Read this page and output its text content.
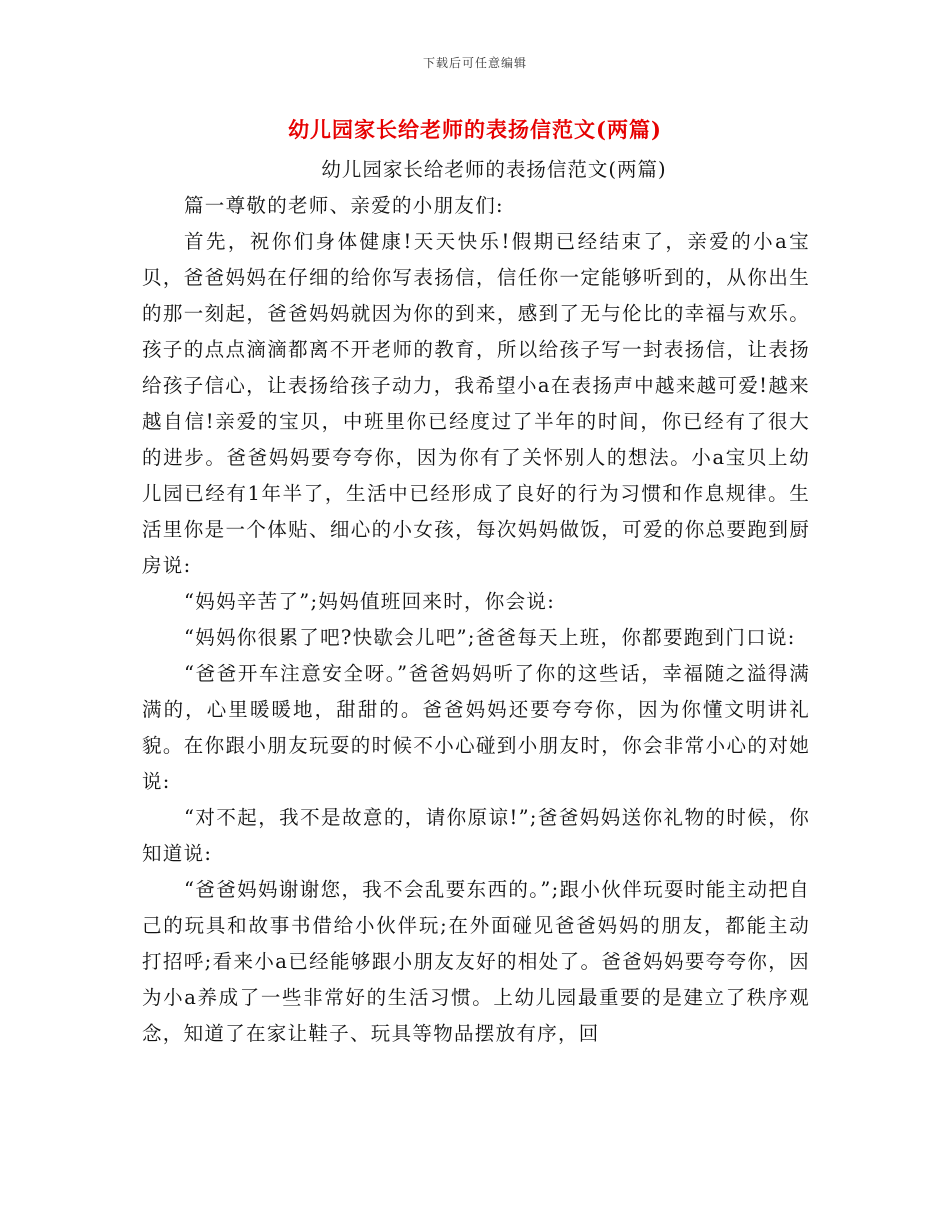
下载后可任意编辑
幼儿园家长给老师的表扬信范文(两篇)

幼儿园家长给老师的表扬信范文(两篇)

篇一尊敬的老师、亲爱的小朋友们:

首先，祝你们身体健康!天天快乐!假期已经结束了，亲爱的小a宝贝，爸爸妈妈在仔细的给你写表扬信，信任你一定能够听到的，从你出生的那一刻起，爸爸妈妈就因为你的到来，感到了无与伦比的幸福与欢乐。孩子的点点滴滴都离不开老师的教育，所以给孩子写一封表扬信，让表扬给孩子信心，让表扬给孩子动力，我希望小a在表扬声中越来越可爱!越来越自信!亲爱的宝贝，中班里你已经度过了半年的时间，你已经有了很大的进步。爸爸妈妈要夸夸你，因为你有了关怀别人的想法。小a宝贝上幼儿园已经有1年半了，生活中已经形成了良好的行为习惯和作息规律。生活里你是一个体贴、细心的小女孩，每次妈妈做饭，可爱的你总要跑到厨房说:

“妈妈辛苦了”;妈妈值班回来时，你会说:

“妈妈你很累了吧?快歇会儿吧”;爸爸每天上班，你都要跑到门口说:

“爸爸开车注意安全呀。”爸爸妈妈听了你的这些话，幸福随之溢得满满的，心里暖暖地，甜甜的。爸爸妈妈还要夸夸你，因为你懂文明讲礼貌。在你跟小朋友玩耍的时候不小心碰到小朋友时，你会非常小心的对她说:

“对不起，我不是故意的，请你原谅!”;爸爸妈妈送你礼物的时候，你知道说:

“爸爸妈妈谢谢您，我不会乱要东西的。”;跟小伙伴玩耍时能主动把自己的玩具和故事书借给小伙伴玩;在外面碰见爸爸妈妈的朋友，都能主动打招呼;看来小a已经能够跟小朋友友好的相处了。爸爸妈妈要夸夸你，因为小a养成了一些非常好的生活习惯。上幼儿园最重要的是建立了秩序观念，知道了在家让鞋子、玩具等物品摆放有序，回
